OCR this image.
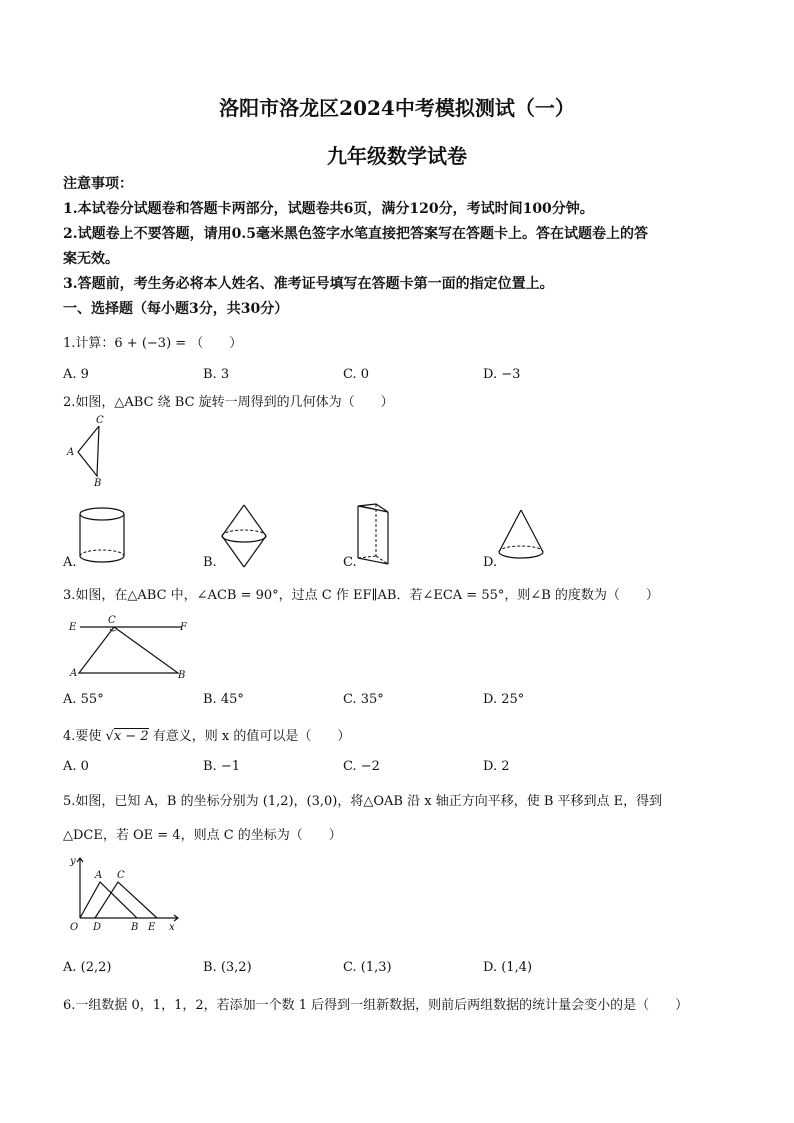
洛阳市洛龙区2024中考模拟测试（一）
九年级数学试卷
注意事项：
1.本试卷分试题卷和答题卡两部分，试题卷共6页，满分120分，考试时间100分钟。
2.试题卷上不要答题，请用0.5毫米黑色签字水笔直接把答案写在答题卡上。答在试题卷上的答
案无效。
3.答题前，考生务必将本人姓名、准考证号填写在答题卡第一面的指定位置上。
一、选择题（每小题3分，共30分）
1.计算：6 + (−3) = （　　）
A. 9	B. 3	C. 0	D. −3
2.如图，△ABC 绕 BC 旋转一周得到的几何体为（　　）
C
A
B
A.	B.	C.	D.
3.如图，在△ABC 中，∠ACB = 90°，过点 C 作 EF∥AB．若∠ECA = 55°，则∠B 的度数为（　　）
E
C
F
A	B
A. 55°	B. 45°	C. 35°	D. 25°
4.要使 √x − 2 有意义，则 x 的值可以是（　　）
A. 0	B. −1	C. −2	D. 2
5.如图，已知 A，B 的坐标分别为 (1,2)，(3,0)，将△OAB 沿 x 轴正方向平移，使 B 平移到点 E，得到
△DCE，若 OE = 4，则点 C 的坐标为（　　）
y
A C
O D	B E x
A. (2,2)	B. (3,2)	C. (1,3)	D. (1,4)
6.一组数据 0，1，1，2，若添加一个数 1 后得到一组新数据，则前后两组数据的统计量会变小的是（　　）
